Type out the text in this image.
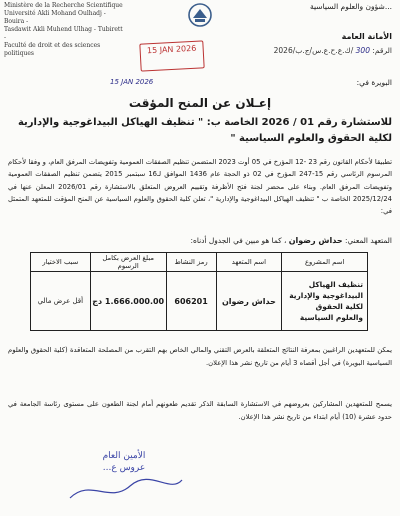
...شؤون والعلوم السياسية
Ministère de la Recherche Scientifique
Université Akli Mohand Oulhadj - Bouira -
Tasdawit Akli Muhend Ulhag - Tubirett -
Faculté de droit et des sciences politiques
الأمانة العامة
الرقم: 300 /ك.ع.ح.ع.س/ج.ب/2026
15 JAN 2026
البويرة في:
15 JAN 2026
إعـلان عن المنح المؤقت
للاستشارة رقم 01 / 2026 الخاصة ب: " تنظيف الهياكل البيداغوجية والإدارية لكلية الحقوق والعلوم السياسية "
تطبيقا لأحكام القانون رقم 23 -12 المؤرخ في 05 أوت 2023 المتضمن تنظيم الصفقات العمومية وتفويضات المرفق العام، و وفقا لأحكام المرسوم الرئاسي رقم 15-247 المؤرخ في 02 ذو الحجة عام 1436 الموافق لـ16 سبتمبر 2015 يتضمن تنظيم الصفقات العمومية وتفويضات المرفق العام. وبناء على محضر لجنة فتح الأظرفة وتقييم العروض المتعلق بالاستشارة رقم 2026/01 المعلن عنها في 2025/12/24 الخاصة ب " تنظيف الهياكل البيداغوجية والإدارية "، تعلن كلية الحقوق والعلوم السياسية عن المنح المؤقت للمتعهد المتمثل في:
المتعهد المعني: حداش رضوان ، كما هو مبين في الجدول أدناه:
اسم المشروع	اسم المتعهد	رمز النشاط	مبلغ العرض بكامل الرسوم	سبب الاختيار
تنظيف الهياكل البيداغوجية والإدارية لكلية الحقوق والعلوم السياسية	حداش رضوان	606201	1.666.000.00 دج	أقل عرض مالي
يمكن للمتعهدين الراغبين بمعرفة النتائج المتعلقة بالعرض التقني والمالي الخاص بهم التقرب من المصلحة المتعاقدة (كلية الحقوق والعلوم السياسية البويرة) في أجل أقصاه 3 أيام من تاريخ نشر هذا الإعلان.
يسمح للمتعهدين المشاركين بعروضهم في الاستشارة السابقة الذكر تقديم طعونهم أمام لجنة الطعون على مستوى رئاسة الجامعة في حدود عشرة (10) أيام ابتداء من تاريخ نشر هذا الإعلان.
الأمين العام
عروس ع...
